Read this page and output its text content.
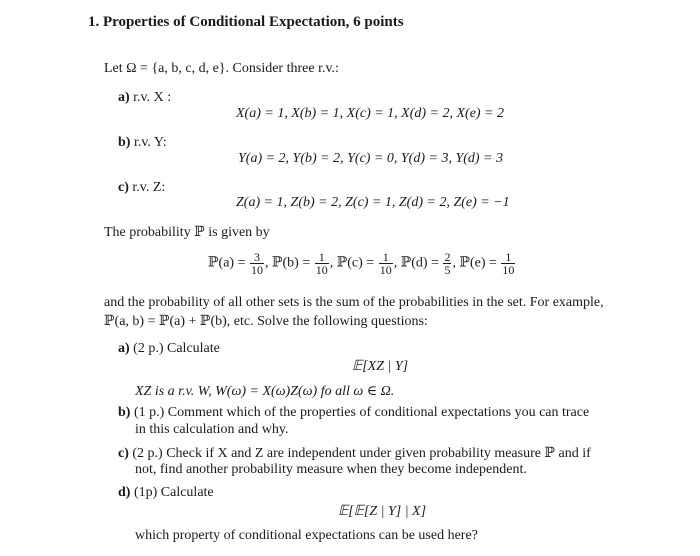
1. Properties of Conditional Expectation, 6 points
Let Ω = {a, b, c, d, e}. Consider three r.v.:
a) r.v. X :
X(a) = 1, X(b) = 1, X(c) = 1, X(d) = 2, X(e) = 2
b) r.v. Y:
Y(a) = 2, Y(b) = 2, Y(c) = 0, Y(d) = 3, Y(d) = 3
c) r.v. Z:
Z(a) = 1, Z(b) = 2, Z(c) = 1, Z(d) = 2, Z(e) = −1
The probability ℙ is given by
ℙ(a) = $\frac{3}{10}$ , ℙ(b) = $\frac{1}{10}$ , ℙ(c) = $\frac{1}{10}$ , ℙ(d) = $\frac{2}{5}$ , ℙ(e) = $\frac{1}{10}$
and the probability of all other sets is the sum of the probabilities in the set. For example,
ℙ(a, b) = ℙ(a) + ℙ(b), etc. Solve the following questions:
a) (2 p.) Calculate
𝔼[XZ | Y]
XZ is a r.v. W, W(ω) = X(ω)Z(ω) fo all ω ∈ Ω.
b) (1 p.) Comment which of the properties of conditional expectations you can trace
in this calculation and why.
c) (2 p.) Check if X and Z are independent under given probability measure ℙ and if
not, find another probability measure when they become independent.
d) (1p) Calculate
𝔼[𝔼[Z | Y] | X]
which property of conditional expectations can be used here?
